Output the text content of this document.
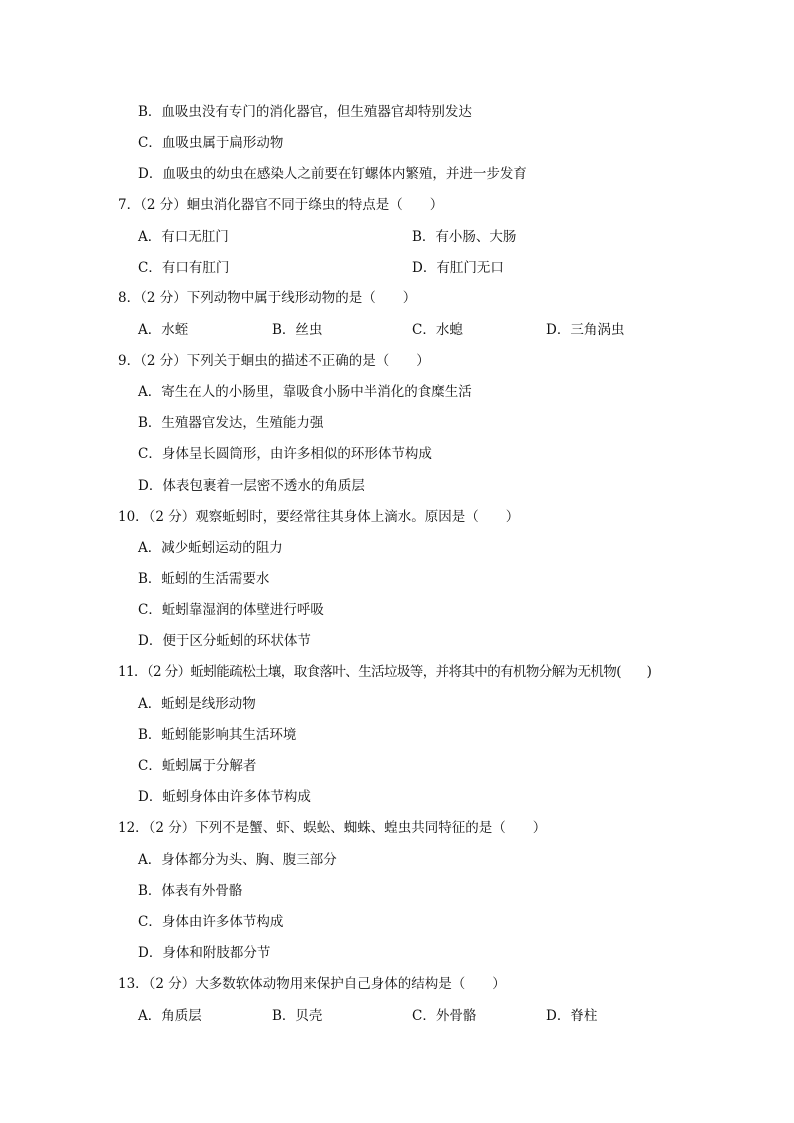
B．血吸虫没有专门的消化器官，但生殖器官却特别发达
C．血吸虫属于扁形动物
D．血吸虫的幼虫在感染人之前要在钉螺体内繁殖，并进一步发育
7．（2 分）蛔虫消化器官不同于绦虫的特点是（　　）
A．有口无肛门	B．有小肠、大肠
C．有口有肛门	D．有肛门无口
8．（2 分）下列动物中属于线形动物的是（　　）
A．水蛭	B．丝虫	C．水螅	D．三角涡虫
9．（2 分）下列关于蛔虫的描述不正确的是（　　）
A．寄生在人的小肠里，靠吸食小肠中半消化的食糜生活
B．生殖器官发达，生殖能力强
C．身体呈长圆筒形，由许多相似的环形体节构成
D．体表包裹着一层密不透水的角质层
10．（2 分）观察蚯蚓时，要经常往其身体上滴水。原因是（　　）
A．减少蚯蚓运动的阻力
B．蚯蚓的生活需要水
C．蚯蚓靠湿润的体壁进行呼吸
D．便于区分蚯蚓的环状体节
11．（2 分）蚯蚓能疏松土壤，取食落叶、生活垃圾等，并将其中的有机物分解为无机物(　　)
A．蚯蚓是线形动物
B．蚯蚓能影响其生活环境
C．蚯蚓属于分解者
D．蚯蚓身体由许多体节构成
12．（2 分）下列不是蟹、虾、蜈蚣、蜘蛛、蝗虫共同特征的是（　　）
A．身体都分为头、胸、腹三部分
B．体表有外骨骼
C．身体由许多体节构成
D．身体和附肢都分节
13．（2 分）大多数软体动物用来保护自己身体的结构是（　　）
A．角质层	B．贝壳	C．外骨骼	D．脊柱
